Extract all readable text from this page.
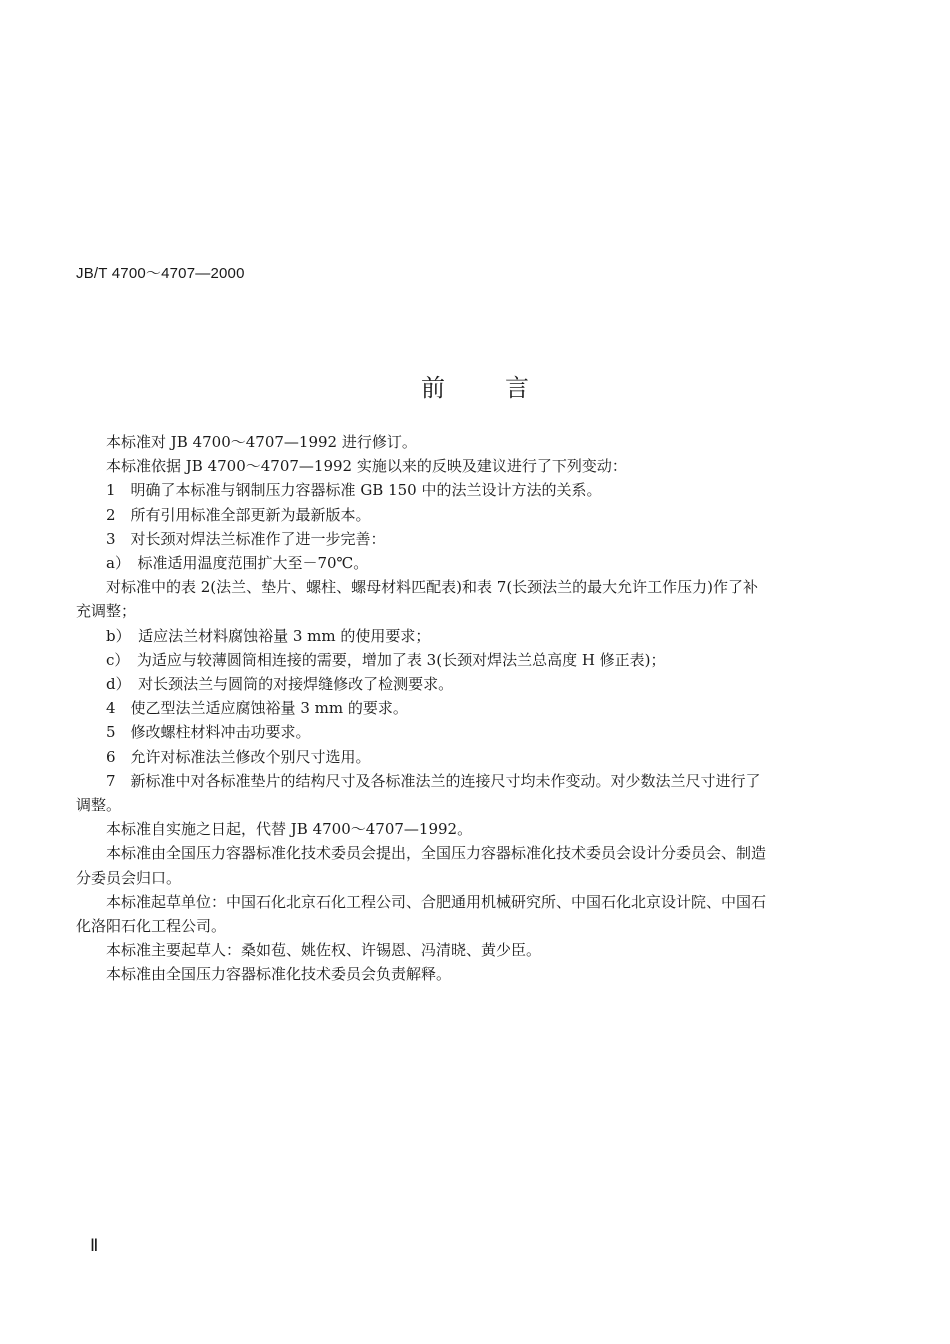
JB/T 4700～4707—2000
前	言

本标准对 JB 4700～4707—1992 进行修订。

本标准依据 JB 4700～4707—1992 实施以来的反映及建议进行了下列变动：

1　明确了本标准与钢制压力容器标准 GB 150 中的法兰设计方法的关系。

2　所有引用标准全部更新为最新版本。

3　对长颈对焊法兰标准作了进一步完善：

a）　标准适用温度范围扩大至－70℃。

对标准中的表 2(法兰、垫片、螺柱、螺母材料匹配表)和表 7(长颈法兰的最大允许工作压力)作了补充调整；

b）　适应法兰材料腐蚀裕量 3 mm 的使用要求；

c）　为适应与较薄圆筒相连接的需要，增加了表 3(长颈对焊法兰总高度 H 修正表)；

d）　对长颈法兰与圆筒的对接焊缝修改了检测要求。

4　使乙型法兰适应腐蚀裕量 3 mm 的要求。

5　修改螺柱材料冲击功要求。

6　允许对标准法兰修改个别尺寸选用。

7　新标准中对各标准垫片的结构尺寸及各标准法兰的连接尺寸均未作变动。对少数法兰尺寸进行了调整。

本标准自实施之日起，代替 JB 4700～4707—1992。

本标准由全国压力容器标准化技术委员会提出，全国压力容器标准化技术委员会设计分委员会、制造分委员会归口。

本标准起草单位：中国石化北京石化工程公司、合肥通用机械研究所、中国石化北京设计院、中国石化洛阳石化工程公司。

本标准主要起草人：桑如苞、姚佐权、许锡恩、冯清晓、黄少臣。

本标准由全国压力容器标准化技术委员会负责解释。

Ⅱ
